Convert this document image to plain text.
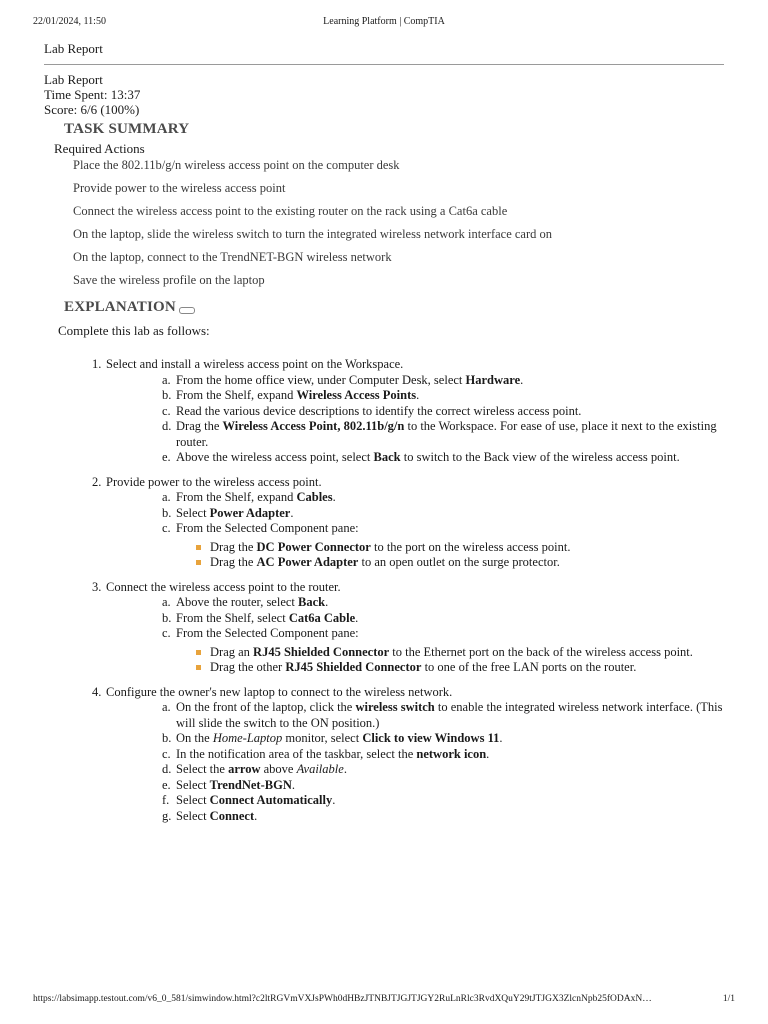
22/01/2024, 11:50	Learning Platform | CompTIA
Lab Report
Lab Report
Time Spent: 13:37
Score: 6/6 (100%)
TASK SUMMARY
Required Actions
Place the 802.11b/g/n wireless access point on the computer desk
Provide power to the wireless access point
Connect the wireless access point to the existing router on the rack using a Cat6a cable
On the laptop, slide the wireless switch to turn the integrated wireless network interface card on
On the laptop, connect to the TrendNET-BGN wireless network
Save the wireless profile on the laptop
EXPLANATION
Complete this lab as follows:
1. Select and install a wireless access point on the Workspace.
a. From the home office view, under Computer Desk, select Hardware.
b. From the Shelf, expand Wireless Access Points.
c. Read the various device descriptions to identify the correct wireless access point.
d. Drag the Wireless Access Point, 802.11b/g/n to the Workspace. For ease of use, place it next to the existing router.
e. Above the wireless access point, select Back to switch to the Back view of the wireless access point.
2. Provide power to the wireless access point.
a. From the Shelf, expand Cables.
b. Select Power Adapter.
c. From the Selected Component pane:
Drag the DC Power Connector to the port on the wireless access point.
Drag the AC Power Adapter to an open outlet on the surge protector.
3. Connect the wireless access point to the router.
a. Above the router, select Back.
b. From the Shelf, select Cat6a Cable.
c. From the Selected Component pane:
Drag an RJ45 Shielded Connector to the Ethernet port on the back of the wireless access point.
Drag the other RJ45 Shielded Connector to one of the free LAN ports on the router.
4. Configure the owner's new laptop to connect to the wireless network.
a. On the front of the laptop, click the wireless switch to enable the integrated wireless network interface. (This will slide the switch to the ON position.)
b. On the Home-Laptop monitor, select Click to view Windows 11.
c. In the notification area of the taskbar, select the network icon.
d. Select the arrow above Available.
e. Select TrendNet-BGN.
f. Select Connect Automatically.
g. Select Connect.
https://labsimapp.testout.com/v6_0_581/simwindow.html?c2ltRGVmVXJsPWh0dHBzJTNBJTJGJTJGY2RuLnRlc3RvdXQuY29tJTJGX3ZlcnNpb25fODAxN…	1/1
